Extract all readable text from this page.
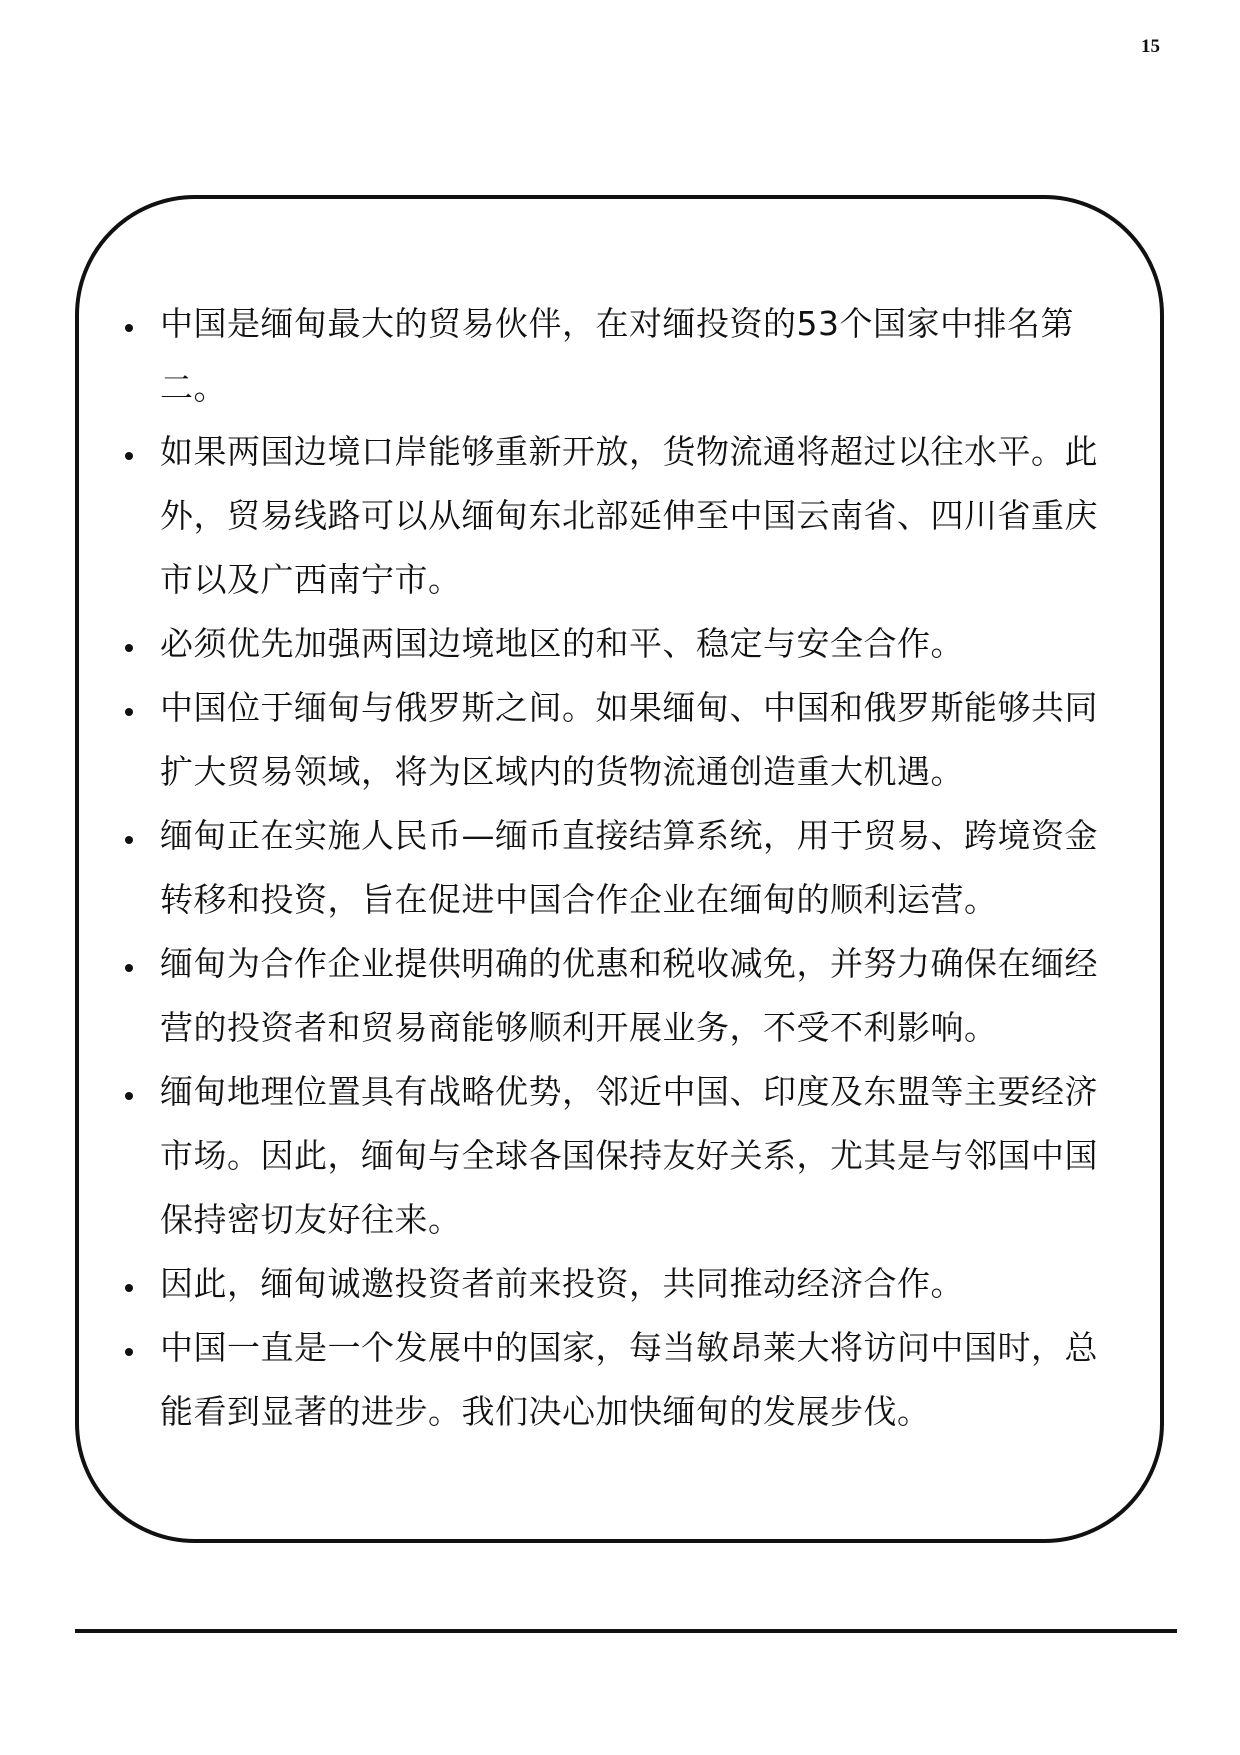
15
中国是缅甸最大的贸易伙伴，在对缅投资的53个国家中排名第二。
如果两国边境口岸能够重新开放，货物流通将超过以往水平。此外，贸易线路可以从缅甸东北部延伸至中国云南省、四川省重庆市以及广西南宁市。
必须优先加强两国边境地区的和平、稳定与安全合作。
中国位于缅甸与俄罗斯之间。如果缅甸、中国和俄罗斯能够共同扩大贸易领域，将为区域内的货物流通创造重大机遇。
缅甸正在实施人民币—缅币直接结算系统，用于贸易、跨境资金转移和投资，旨在促进中国合作企业在缅甸的顺利运营。
缅甸为合作企业提供明确的优惠和税收减免，并努力确保在缅经营的投资者和贸易商能够顺利开展业务，不受不利影响。
缅甸地理位置具有战略优势，邻近中国、印度及东盟等主要经济市场。因此，缅甸与全球各国保持友好关系，尤其是与邻国中国保持密切友好往来。
因此，缅甸诚邀投资者前来投资，共同推动经济合作。
中国一直是一个发展中的国家，每当敏昂莱大将访问中国时，总能看到显著的进步。我们决心加快缅甸的发展步伐。
